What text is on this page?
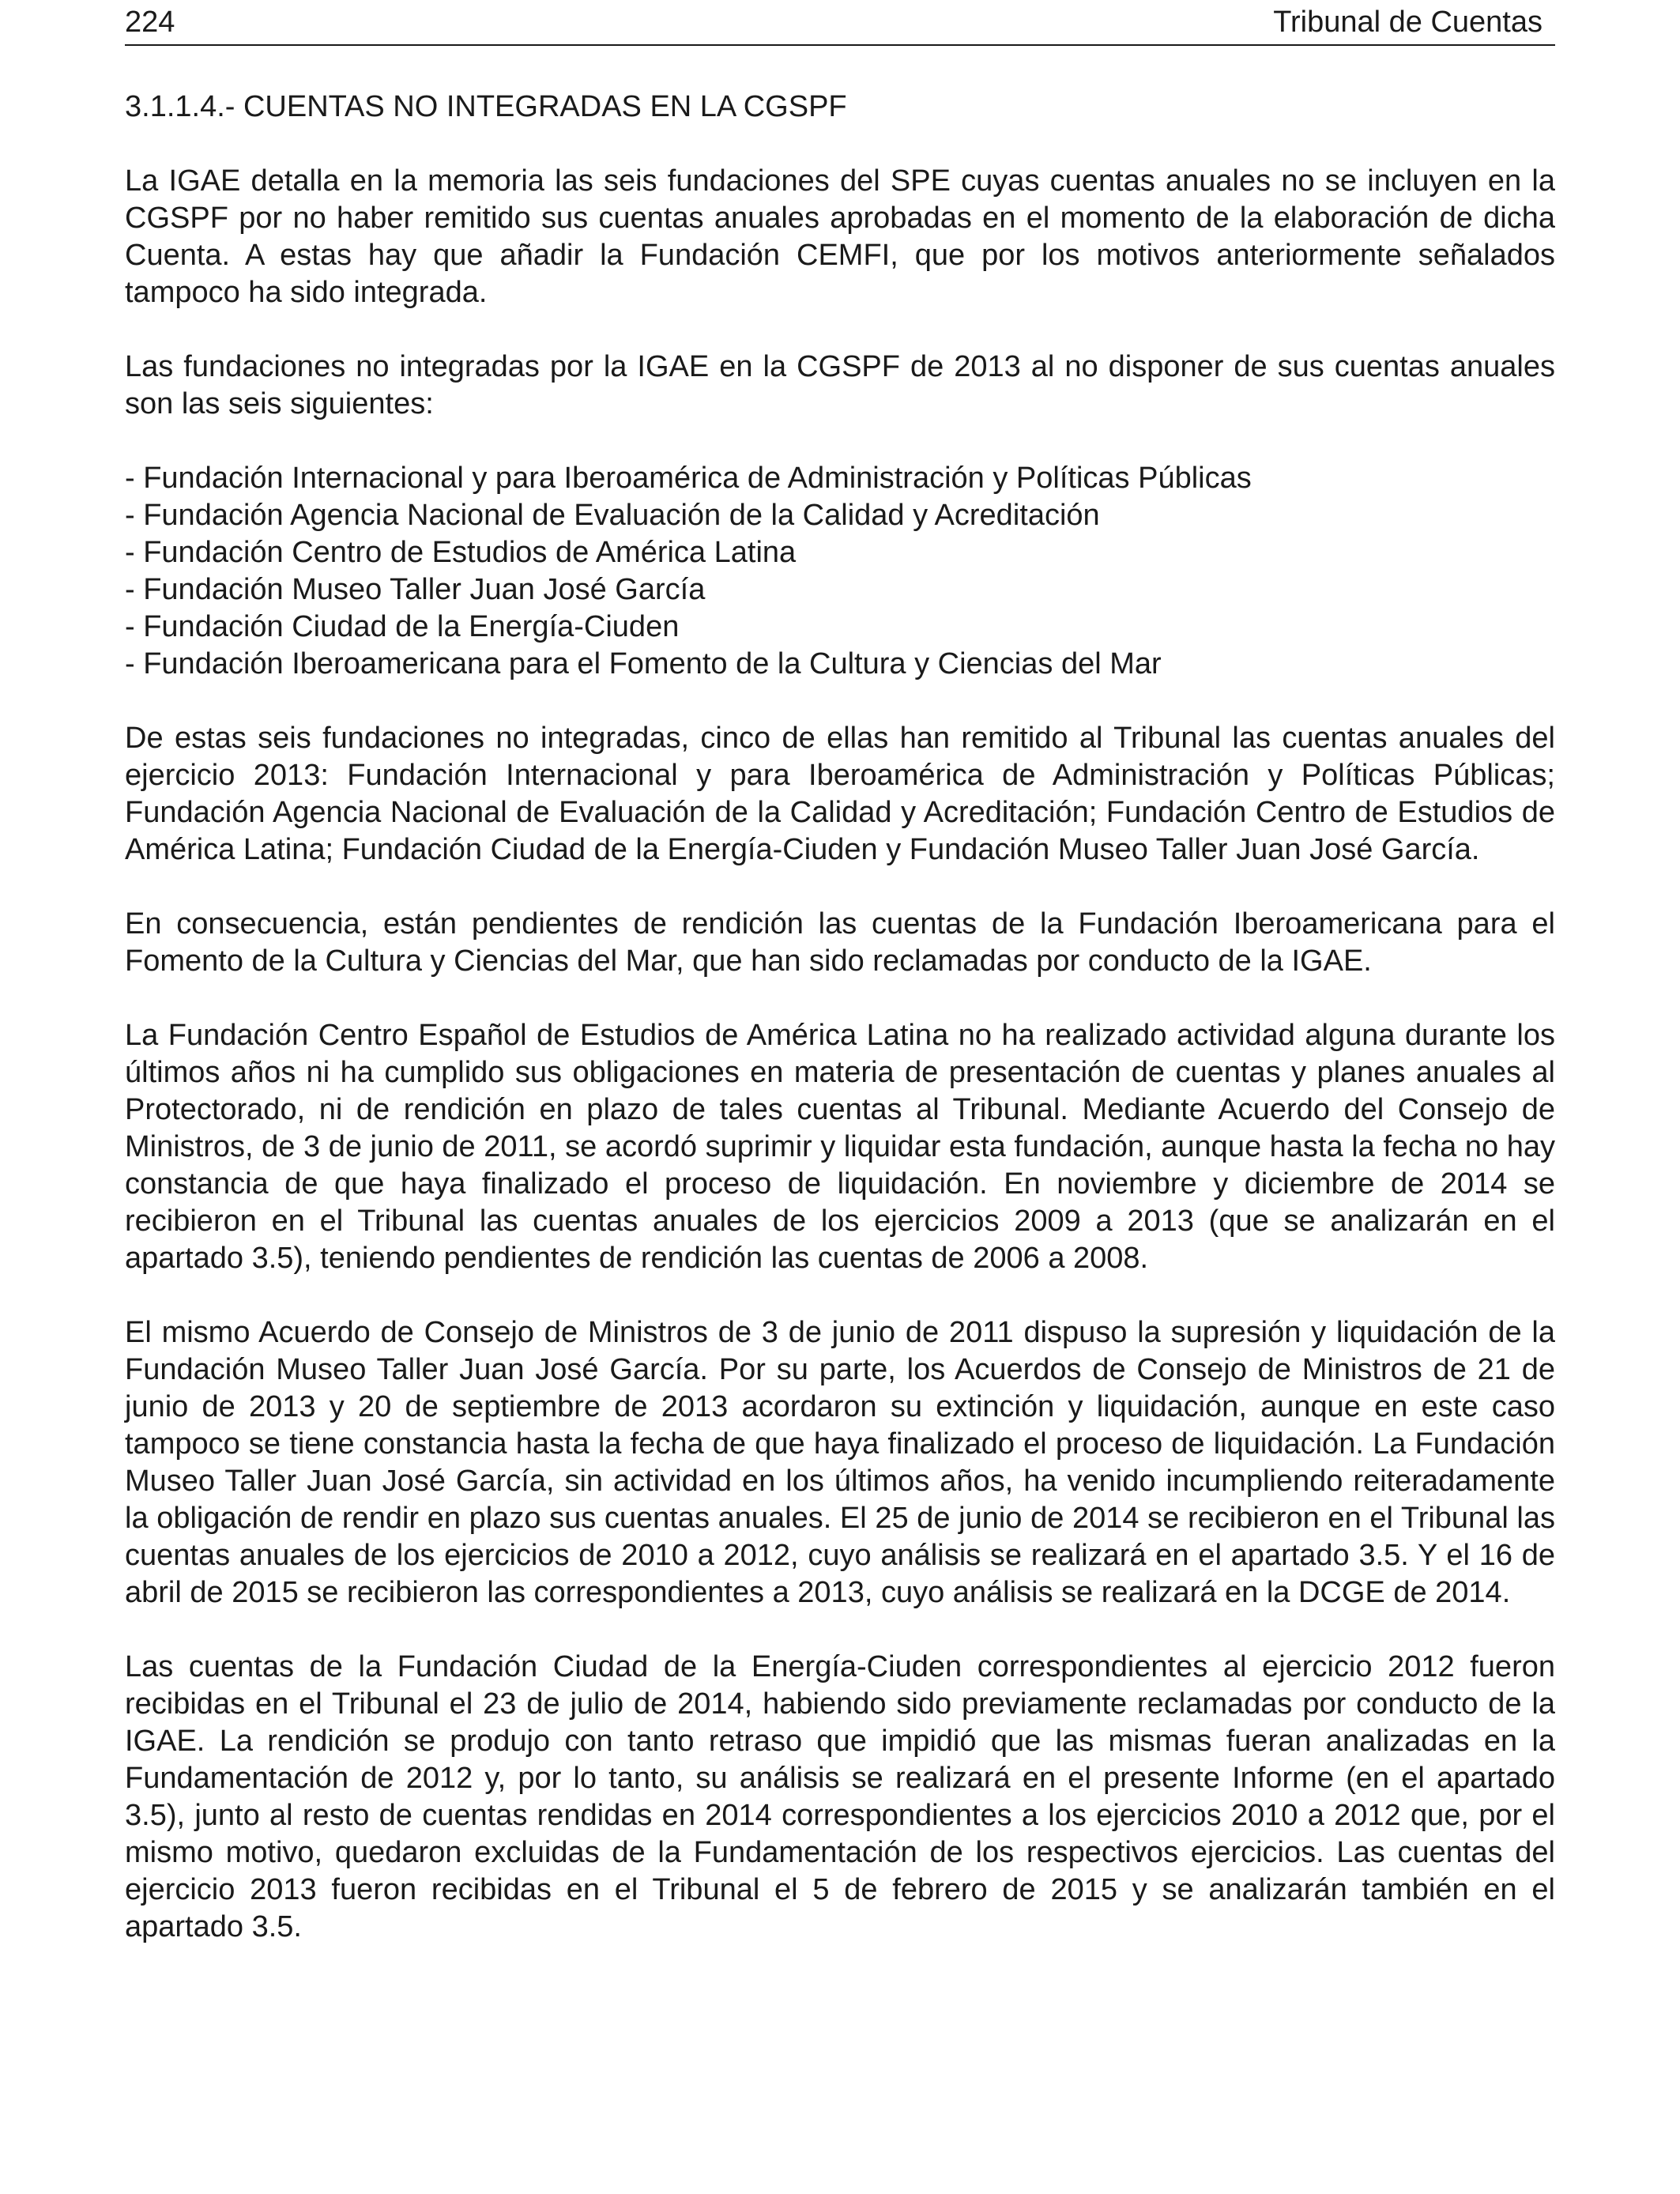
224	Tribunal de Cuentas
3.1.1.4.- CUENTAS NO INTEGRADAS EN LA CGSPF

La IGAE detalla en la memoria las seis fundaciones del SPE cuyas cuentas anuales no se incluyen en la CGSPF por no haber remitido sus cuentas anuales aprobadas en el momento de la elaboración de dicha Cuenta. A estas hay que añadir la Fundación CEMFI, que por los motivos anteriormente señalados tampoco ha sido integrada.

Las fundaciones no integradas por la IGAE en la CGSPF de 2013 al no disponer de sus cuentas anuales son las seis siguientes:

- Fundación Internacional y para Iberoamérica de Administración y Políticas Públicas
- Fundación Agencia Nacional de Evaluación de la Calidad y Acreditación
- Fundación Centro de Estudios de América Latina
- Fundación Museo Taller Juan José García
- Fundación Ciudad de la Energía-Ciuden
- Fundación Iberoamericana para el Fomento de la Cultura y Ciencias del Mar

De estas seis fundaciones no integradas, cinco de ellas han remitido al Tribunal las cuentas anuales del ejercicio 2013: Fundación Internacional y para Iberoamérica de Administración y Políticas Públicas; Fundación Agencia Nacional de Evaluación de la Calidad y Acreditación; Fundación Centro de Estudios de América Latina; Fundación Ciudad de la Energía-Ciuden y Fundación Museo Taller Juan José García.

En consecuencia, están pendientes de rendición las cuentas de la Fundación Iberoamericana para el Fomento de la Cultura y Ciencias del Mar, que han sido reclamadas por conducto de la IGAE.

La Fundación Centro Español de Estudios de América Latina no ha realizado actividad alguna durante los últimos años ni ha cumplido sus obligaciones en materia de presentación de cuentas y planes anuales al Protectorado, ni de rendición en plazo de tales cuentas al Tribunal. Mediante Acuerdo del Consejo de Ministros, de 3 de junio de 2011, se acordó suprimir y liquidar esta fundación, aunque hasta la fecha no hay constancia de que haya finalizado el proceso de liquidación. En noviembre y diciembre de 2014 se recibieron en el Tribunal las cuentas anuales de los ejercicios 2009 a 2013 (que se analizarán en el apartado 3.5), teniendo pendientes de rendición las cuentas de 2006 a 2008.

El mismo Acuerdo de Consejo de Ministros de 3 de junio de 2011 dispuso la supresión y liquidación de la Fundación Museo Taller Juan José García. Por su parte, los Acuerdos de Consejo de Ministros de 21 de junio de 2013 y 20 de septiembre de 2013 acordaron su extinción y liquidación, aunque en este caso tampoco se tiene constancia hasta la fecha de que haya finalizado el proceso de liquidación. La Fundación Museo Taller Juan José García, sin actividad en los últimos años, ha venido incumpliendo reiteradamente la obligación de rendir en plazo sus cuentas anuales. El 25 de junio de 2014 se recibieron en el Tribunal las cuentas anuales de los ejercicios de 2010 a 2012, cuyo análisis se realizará en el apartado 3.5. Y el 16 de abril de 2015 se recibieron las correspondientes a 2013, cuyo análisis se realizará en la DCGE de 2014.

Las cuentas de la Fundación Ciudad de la Energía-Ciuden correspondientes al ejercicio 2012 fueron recibidas en el Tribunal el 23 de julio de 2014, habiendo sido previamente reclamadas por conducto de la IGAE. La rendición se produjo con tanto retraso que impidió que las mismas fueran analizadas en la Fundamentación de 2012 y, por lo tanto, su análisis se realizará en el presente Informe (en el apartado 3.5), junto al resto de cuentas rendidas en 2014 correspondientes a los ejercicios 2010 a 2012 que, por el mismo motivo, quedaron excluidas de la Fundamentación de los respectivos ejercicios. Las cuentas del ejercicio 2013 fueron recibidas en el Tribunal el 5 de febrero de 2015 y se analizarán también en el apartado 3.5.
